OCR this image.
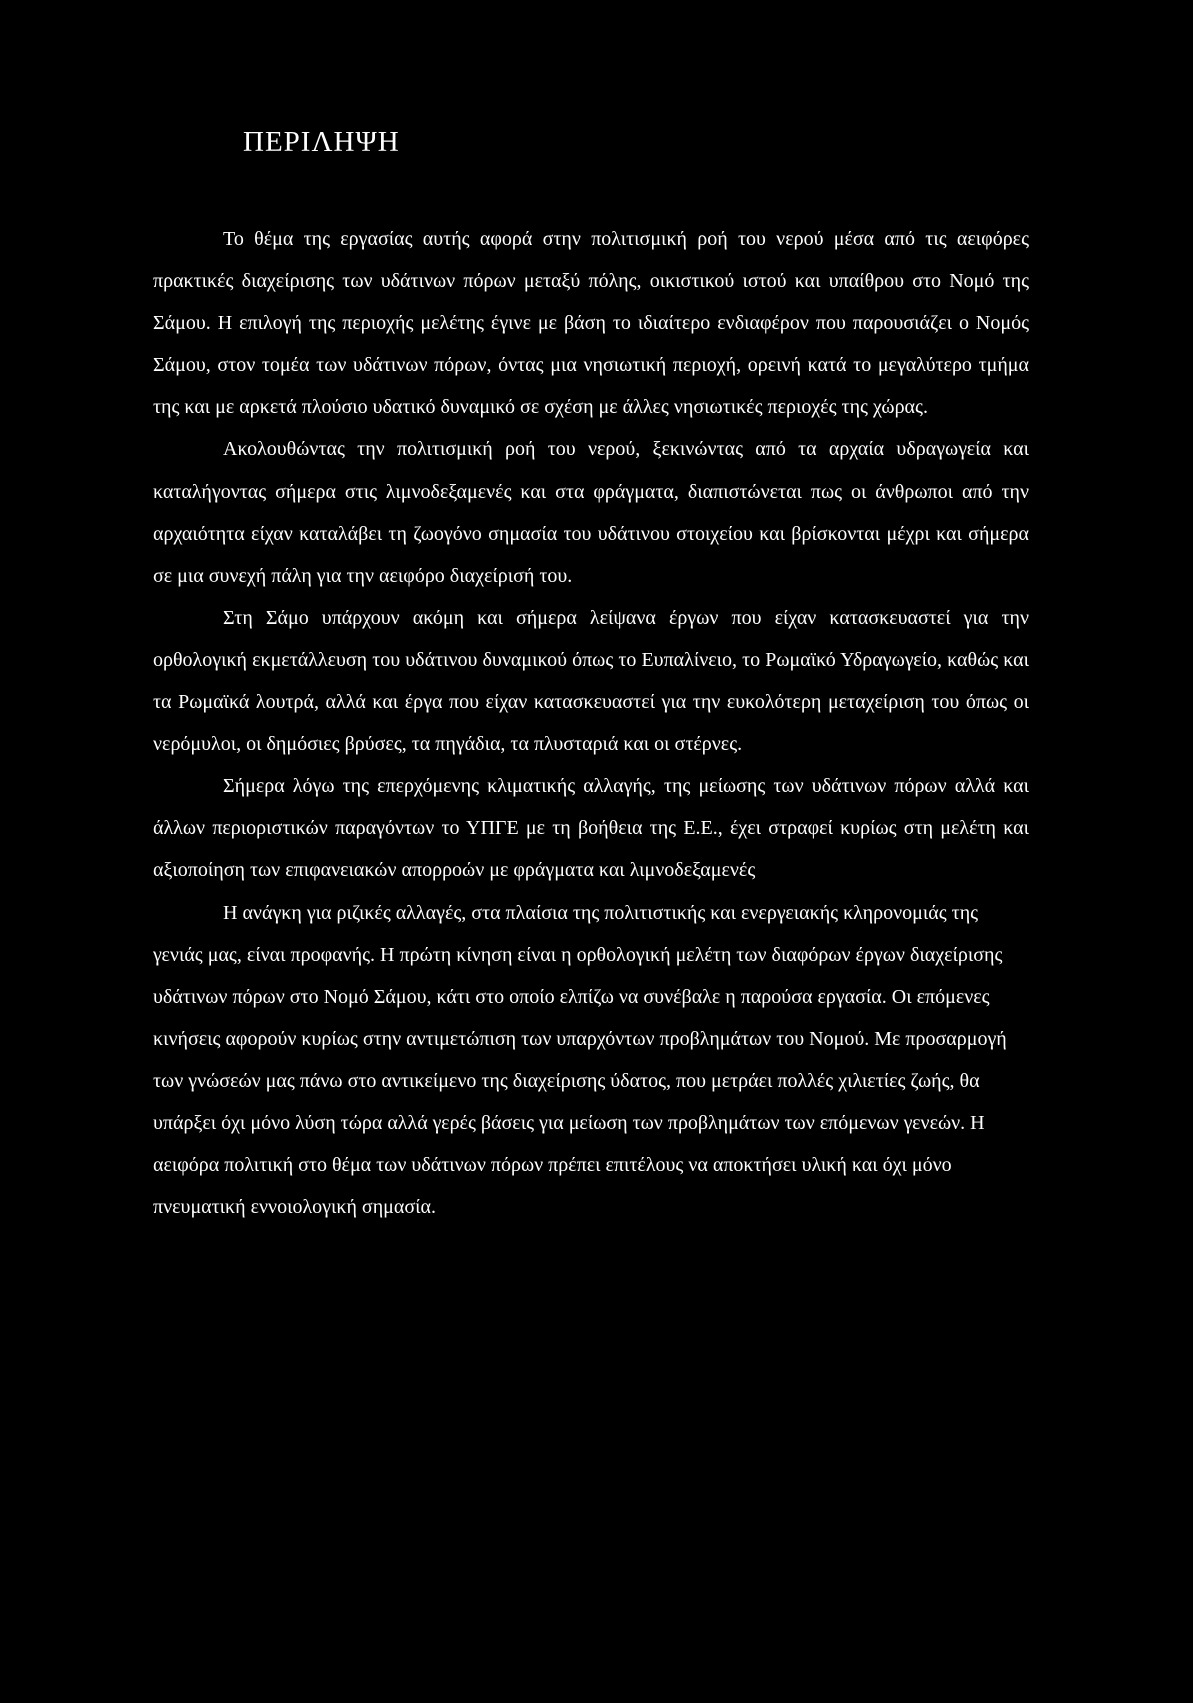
ΠΕΡΙΛΗΨΗ

Το θέμα της εργασίας αυτής αφορά στην πολιτισμική ροή του νερού μέσα από τις αειφόρες πρακτικές διαχείρισης των υδάτινων πόρων μεταξύ πόλης, οικιστικού ιστού και υπαίθρου στο Νομό της Σάμου. Η επιλογή της περιοχής μελέτης έγινε με βάση το ιδιαίτερο ενδιαφέρον που παρουσιάζει ο Νομός Σάμου, στον τομέα των υδάτινων πόρων, όντας μια νησιωτική περιοχή, ορεινή κατά το μεγαλύτερο τμήμα της και με αρκετά πλούσιο υδατικό δυναμικό σε σχέση με άλλες νησιωτικές περιοχές της χώρας.

Ακολουθώντας την πολιτισμική ροή του νερού, ξεκινώντας από τα αρχαία υδραγωγεία και καταλήγοντας σήμερα στις λιμνοδεξαμενές και στα φράγματα, διαπιστώνεται πως οι άνθρωποι από την αρχαιότητα είχαν καταλάβει τη ζωογόνο σημασία του υδάτινου στοιχείου και βρίσκονται μέχρι και σήμερα σε μια συνεχή πάλη για την αειφόρο διαχείρισή του.

Στη Σάμο υπάρχουν ακόμη και σήμερα λείψανα έργων που είχαν κατασκευαστεί για την ορθολογική εκμετάλλευση του υδάτινου δυναμικού όπως το Ευπαλίνειο, το Ρωμαϊκό Υδραγωγείο, καθώς και τα Ρωμαϊκά λουτρά, αλλά και έργα που είχαν κατασκευαστεί για την ευκολότερη μεταχείριση του όπως οι νερόμυλοι, οι δημόσιες βρύσες, τα πηγάδια, τα πλυσταριά και οι στέρνες.

Σήμερα λόγω της επερχόμενης κλιματικής αλλαγής, της μείωσης των υδάτινων πόρων αλλά και άλλων περιοριστικών παραγόντων το ΥΠΓΕ με τη βοήθεια της Ε.Ε., έχει στραφεί κυρίως στη μελέτη και αξιοποίηση των επιφανειακών απορροών με φράγματα και λιμνοδεξαμενές

Η ανάγκη για ριζικές αλλαγές, στα πλαίσια της πολιτιστικής και ενεργειακής κληρονομιάς της γενιάς μας, είναι προφανής. Η πρώτη κίνηση είναι η ορθολογική μελέτη των διαφόρων έργων διαχείρισης υδάτινων πόρων στο Νομό Σάμου, κάτι στο οποίο ελπίζω να συνέβαλε η παρούσα εργασία. Οι επόμενες κινήσεις αφορούν κυρίως στην αντιμετώπιση των υπαρχόντων προβλημάτων του Νομού. Με προσαρμογή των γνώσεών μας πάνω στο αντικείμενο της διαχείρισης ύδατος, που μετράει πολλές χιλιετίες ζωής, θα υπάρξει όχι μόνο λύση τώρα αλλά γερές βάσεις για μείωση των προβλημάτων των επόμενων γενεών. Η αειφόρα πολιτική στο θέμα των υδάτινων πόρων πρέπει επιτέλους να αποκτήσει υλική και όχι μόνο πνευματική εννοιολογική σημασία.
